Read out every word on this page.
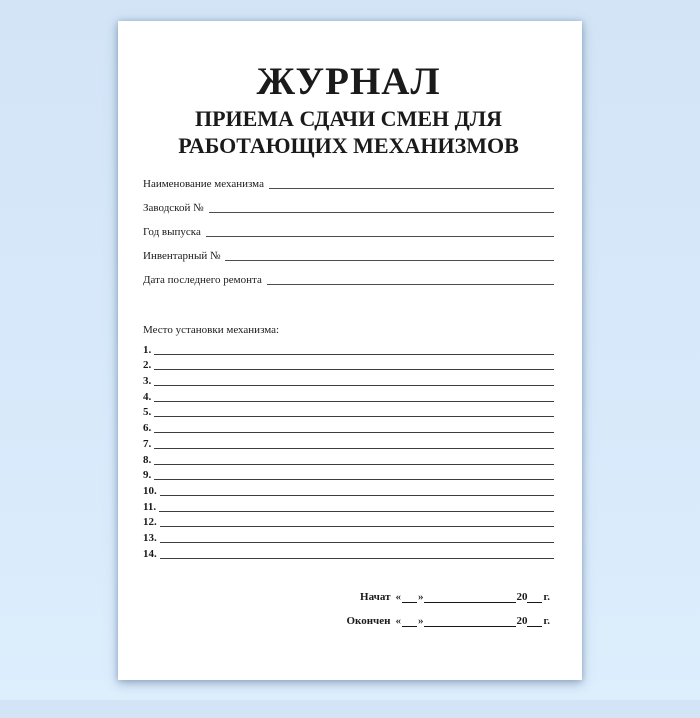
ЖУРНАЛ
ПРИЕМА СДАЧИ СМЕН ДЛЯ
РАБОТАЮЩИХ МЕХАНИЗМОВ
Наименование механизма
Заводской №
Год выпуска
Инвентарный №
Дата последнего ремонта
Место установки механизма:
1.
2.
3.
4.
5.
6.
7.
8.
9.
10.
11.
12.
13.
14.
Начат « »	20 г.
Окончен « »	20 г.
